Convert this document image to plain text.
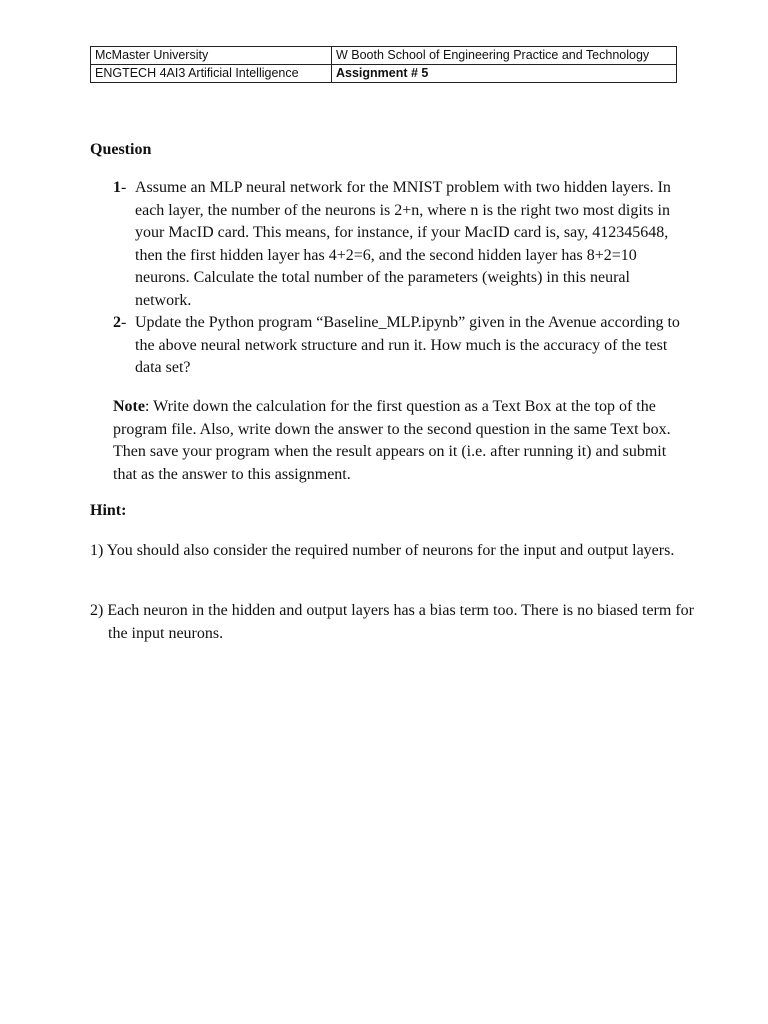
McMaster University	W Booth School of Engineering Practice and Technology
ENGTECH 4AI3 Artificial Intelligence	Assignment # 5
Question

1- Assume an MLP neural network for the MNIST problem with two hidden layers. In each layer, the number of the neurons is 2+n, where n is the right two most digits in your MacID card. This means, for instance, if your MacID card is, say, 412345648, then the first hidden layer has 4+2=6, and the second hidden layer has 8+2=10 neurons. Calculate the total number of the parameters (weights) in this neural network.

2- Update the Python program “Baseline_MLP.ipynb” given in the Avenue according to the above neural network structure and run it. How much is the accuracy of the test data set?

Note: Write down the calculation for the first question as a Text Box at the top of the program file. Also, write down the answer to the second question in the same Text box. Then save your program when the result appears on it (i.e. after running it) and submit that as the answer to this assignment.

Hint:

1) You should also consider the required number of neurons for the input and output layers.

2) Each neuron in the hidden and output layers has a bias term too. There is no biased term for the input neurons.
